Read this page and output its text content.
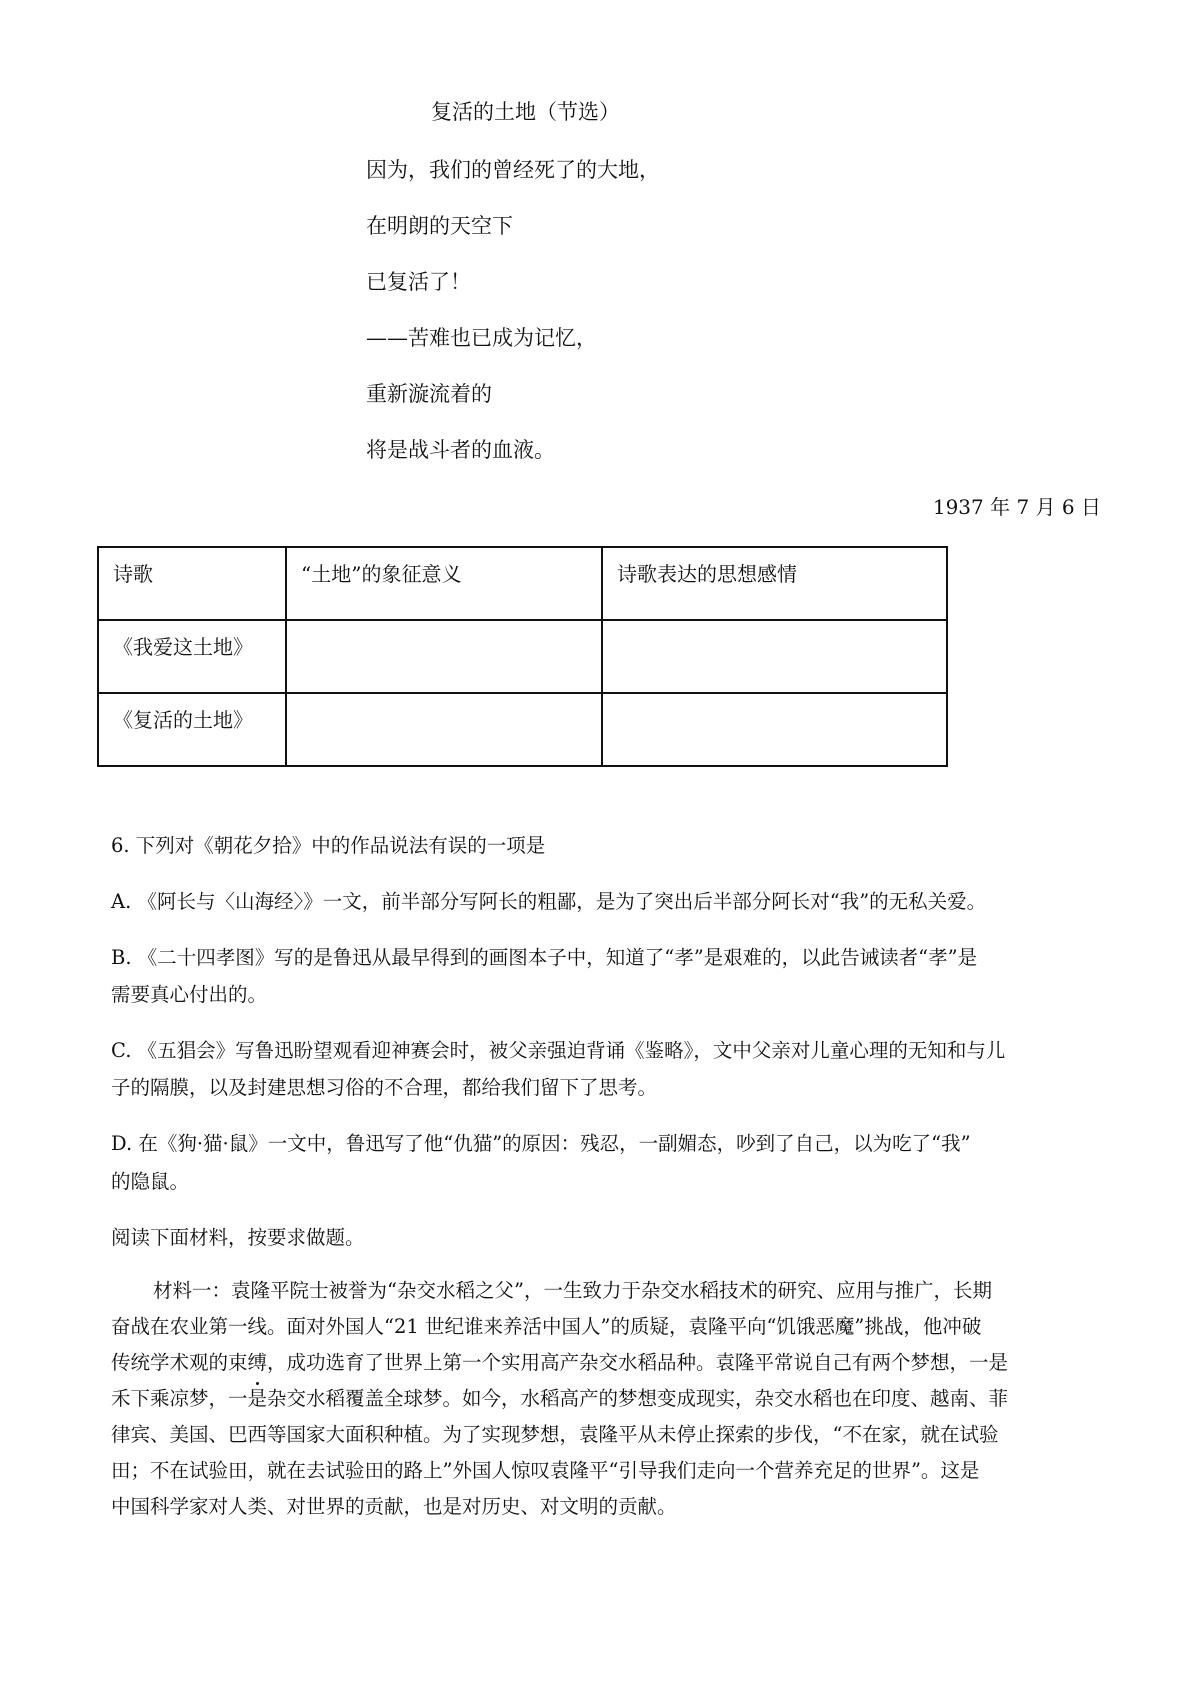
复活的土地（节选）
因为，我们的曾经死了的大地，
在明朗的天空下
已复活了！
——苦难也已成为记忆，
重新漩流着的
将是战斗者的血液。
1937 年 7 月 6 日
诗歌	“土地”的象征意义	诗歌表达的思想感情
《我爱这土地》		
《复活的土地》		
6. 下列对《朝花夕拾》中的作品说法有误的一项是
A. 《阿长与〈山海经〉》一文，前半部分写阿长的粗鄙，是为了突出后半部分阿长对“我”的无私关爱。
B. 《二十四孝图》写的是鲁迅从最早得到的画图本子中，知道了“孝”是艰难的，以此告诫读者“孝”是
需要真心付出的。
C. 《五猖会》写鲁迅盼望观看迎神赛会时，被父亲强迫背诵《鉴略》，文中父亲对儿童心理的无知和与儿
子的隔膜，以及封建思想习俗的不合理，都给我们留下了思考。
D. 在《狗·猫·鼠》一文中，鲁迅写了他“仇猫”的原因：残忍，一副媚态，吵到了自己，以为吃了“我”
的隐鼠。
阅读下面材料，按要求做题。
材料一：袁隆平院士被誉为“杂交水稻之父”，一生致力于杂交水稻技术的研究、应用与推广，长期
奋战在农业第一线。面对外国人“21 世纪谁来养活中国人”的质疑，袁隆平向“饥饿恶魔”挑战，他冲破
传统学术观的束缚，成功选育了世界上第一个实用高产杂交水稻品种。袁隆平常说自己有两个梦想，一是
禾下乘凉梦，一是杂交水稻覆盖全球梦。如今，水稻高产的梦想变成现实，杂交水稻也在印度、越南、菲
律宾、美国、巴西等国家大面积种植。为了实现梦想，袁隆平从未停止探索的步伐，“不在家，就在试验
田；不在试验田，就在去试验田的路上”外国人惊叹袁隆平“引导我们走向一个营养充足的世界”。这是
中国科学家对人类、对世界的贡献，也是对历史、对文明的贡献。
